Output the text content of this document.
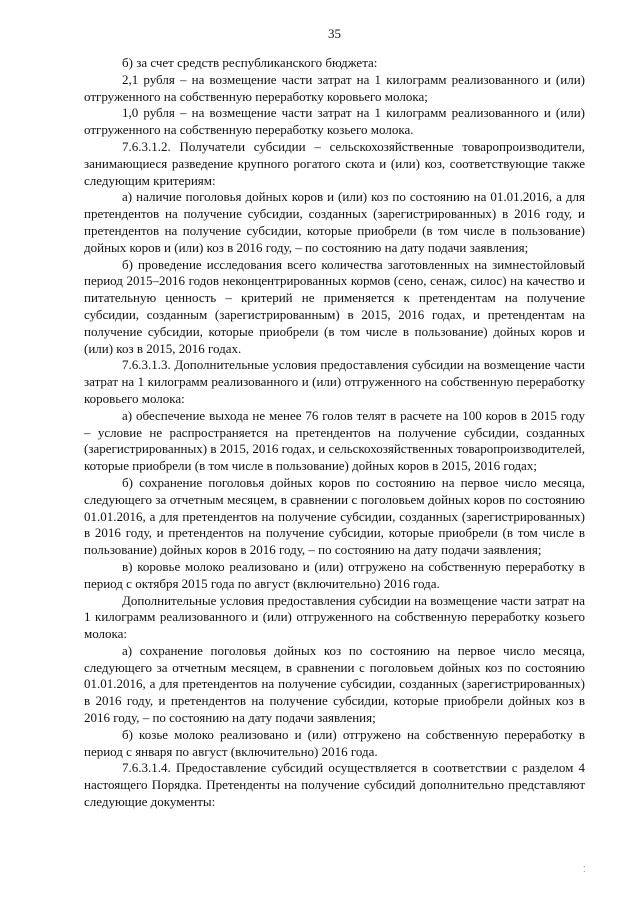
35

б) за счет средств республиканского бюджета:

2,1 рубля – на возмещение части затрат на 1 килограмм реализованного и (или) отгруженного на собственную переработку коровьего молока;

1,0 рубля – на возмещение части затрат на 1 килограмм реализованного и (или) отгруженного на собственную переработку козьего молока.

7.6.3.1.2. Получатели субсидии – сельскохозяйственные товаропроизводители, занимающиеся разведение крупного рогатого скота и (или) коз, соответствующие также следующим критериям:

а) наличие поголовья дойных коров и (или) коз по состоянию на 01.01.2016, а для претендентов на получение субсидии, созданных (зарегистрированных) в 2016 году, и претендентов на получение субсидии, которые приобрели (в том числе в пользование) дойных коров и (или) коз в 2016 году, – по состоянию на дату подачи заявления;

б) проведение исследования всего количества заготовленных на зимнестойловый период 2015–2016 годов неконцентрированных кормов (сено, сенаж, силос) на качество и питательную ценность – критерий не применяется к претендентам на получение субсидии, созданным (зарегистрированным) в 2015, 2016 годах, и претендентам на получение субсидии, которые приобрели (в том числе в пользование) дойных коров и (или) коз в 2015, 2016 годах.

7.6.3.1.3. Дополнительные условия предоставления субсидии на возмещение части затрат на 1 килограмм реализованного и (или) отгруженного на собственную переработку коровьего молока:

а) обеспечение выхода не менее 76 голов телят в расчете на 100 коров в 2015 году – условие не распространяется на претендентов на получение субсидии, созданных (зарегистрированных) в 2015, 2016 годах, и сельскохозяйственных товаропроизводителей, которые приобрели (в том числе в пользование) дойных коров в 2015, 2016 годах;

б) сохранение поголовья дойных коров по состоянию на первое число месяца, следующего за отчетным месяцем, в сравнении с поголовьем дойных коров по состоянию 01.01.2016, а для претендентов на получение субсидии, созданных (зарегистрированных) в 2016 году, и претендентов на получение субсидии, которые приобрели (в том числе в пользование) дойных коров в 2016 году, – по состоянию на дату подачи заявления;

в) коровье молоко реализовано и (или) отгружено на собственную переработку в период с октября 2015 года по август (включительно) 2016 года.

Дополнительные условия предоставления субсидии на возмещение части затрат на 1 килограмм реализованного и (или) отгруженного на собственную переработку козьего молока:

а) сохранение поголовья дойных коз по состоянию на первое число месяца, следующего за отчетным месяцем, в сравнении с поголовьем дойных коз по состоянию 01.01.2016, а для претендентов на получение субсидии, созданных (зарегистрированных) в 2016 году, и претендентов на получение субсидии, которые приобрели дойных коз в 2016 году, – по состоянию на дату подачи заявления;

б) козье молоко реализовано и (или) отгружено на собственную переработку в период с января по август (включительно) 2016 года.

7.6.3.1.4. Предоставление субсидий осуществляется в соответствии с разделом 4 настоящего Порядка. Претенденты на получение субсидий дополнительно представляют следующие документы:

⁚
